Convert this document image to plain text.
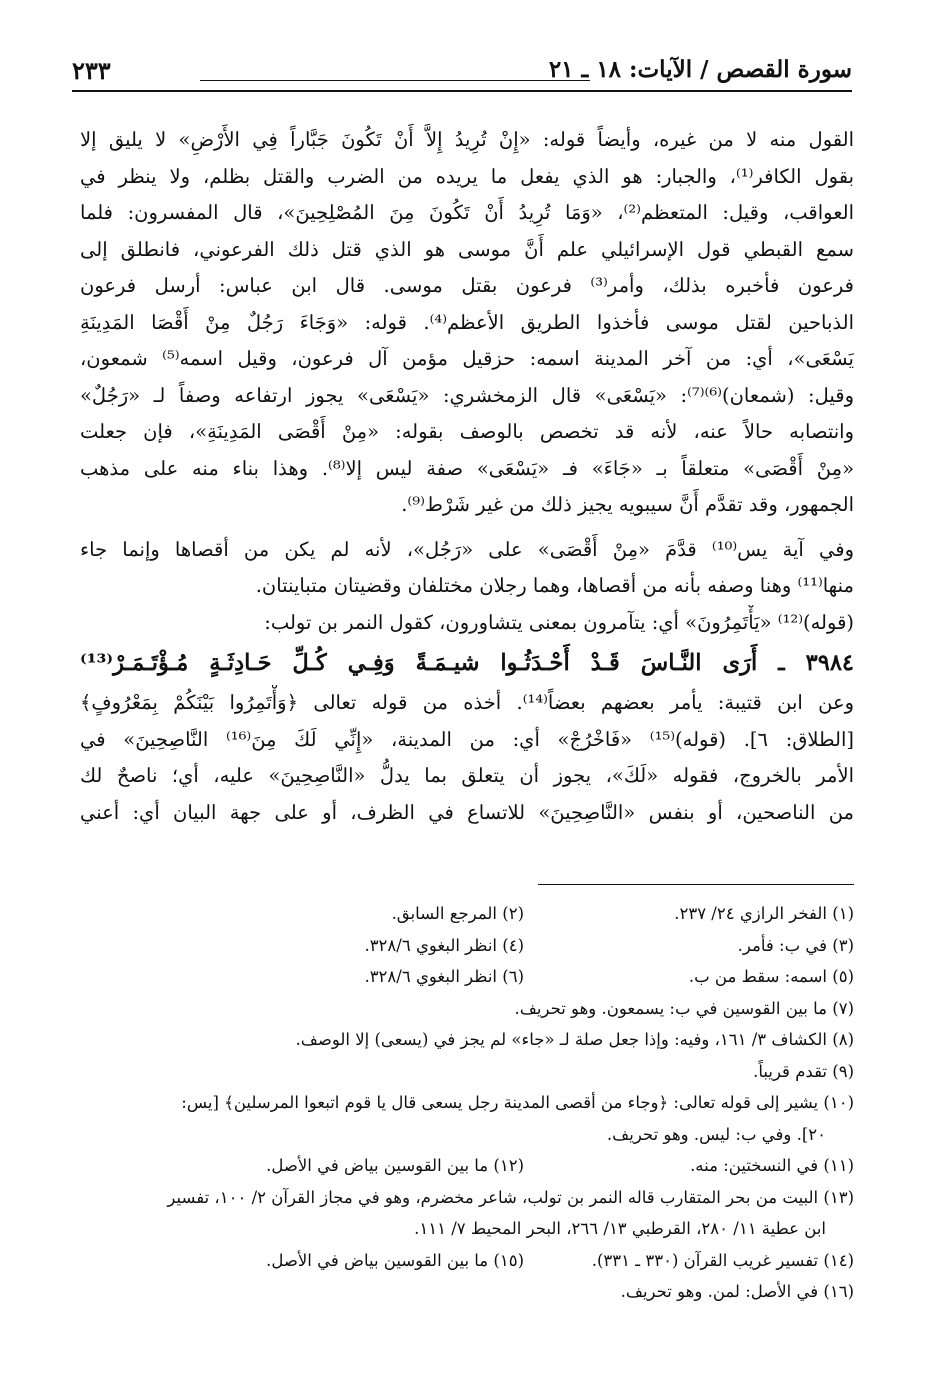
سورة القصص / الآيات: ١٨ ـ ٢١
٢٣٣
القول منه لا من غيره، وأيضاً قوله: «إِنْ تُرِيدُ إِلاَّ أَنْ تَكُونَ جَبَّاراً فِي الأَرْضِ» لا يليق إلا
بقول الكافر⁽¹⁾، والجبار: هو الذي يفعل ما يريده من الضرب والقتل بظلم، ولا ينظر في
العواقب، وقيل: المتعظم⁽²⁾، «وَمَا تُرِيدُ أَنْ تَكُونَ مِنَ المُصْلِحِينَ»، قال المفسرون: فلما
سمع القبطي قول الإسرائيلي علم أَنَّ موسى هو الذي قتل ذلك الفرعوني، فانطلق إلى
فرعون فأخبره بذلك، وأمر⁽³⁾ فرعون بقتل موسى. قال ابن عباس: أرسل فرعون
الذباحين لقتل موسى فأخذوا الطريق الأعظم⁽⁴⁾. قوله: «وَجَاءَ رَجُلٌ مِنْ أَقْصَا المَدِينَةِ
يَسْعَى»، أي: من آخر المدينة اسمه: حزقيل مؤمن آل فرعون، وقيل اسمه⁽⁵⁾ شمعون،
وقيل: (شمعان)⁽⁶⁾⁽⁷⁾: «يَسْعَى» قال الزمخشري: «يَسْعَى» يجوز ارتفاعه وصفاً لـ «رَجُلٌ»
وانتصابه حالاً عنه، لأنه قد تخصص بالوصف بقوله: «مِنْ أَقْصَى المَدِينَةِ»، فإن جعلت
«مِنْ أَقْصَى» متعلقاً بـ «جَاءَ» فـ «يَسْعَى» صفة ليس إلا⁽⁸⁾. وهذا بناء منه على مذهب
الجمهور، وقد تقدَّم أَنَّ سيبويه يجيز ذلك من غير شَرْط⁽⁹⁾.
وفي آية يس⁽¹⁰⁾ قدَّمَ «مِنْ أَقْصَى» على «رَجُل»، لأنه لم يكن من أقصاها وإنما جاء
منها⁽¹¹⁾ وهنا وصفه بأنه من أقصاها، وهما رجلان مختلفان وقضيتان متباينتان.
(قوله)⁽¹²⁾ «يَأْتَمِرُونَ» أي: يتآمرون بمعنى يتشاورون، كقول النمر بن تولب:
٣٩٨٤ ـ أَرَى النَّـاسَ قَـدْ أَحْـدَثُـوا شيـمَـةً وَفِـي كُـلِّ حَـادِثَـةٍ مُـؤْتَـمَـرْ⁽¹³⁾
وعن ابن قتيبة: يأمر بعضهم بعضاً⁽¹⁴⁾. أخذه من قوله تعالى ﴿وَأْتَمِرُوا بَيْنَكُمْ بِمَعْرُوفٍ﴾
[الطلاق: ٦]. (قوله)⁽¹⁵⁾ «فَاخْرُجْ» أي: من المدينة، «إِنِّي لَكَ مِنَ⁽¹⁶⁾ النَّاصِحِينَ» في
الأمر بالخروج، فقوله «لَكَ»، يجوز أن يتعلق بما يدلُّ «النَّاصِحِينَ» عليه، أي؛ ناصحٌ لك
من الناصحين، أو بنفس «النَّاصِحِينَ» للاتساع في الظرف، أو على جهة البيان أي: أعني
(١) الفخر الرازي ٢٤/ ٢٣٧.
(٢) المرجع السابق.
(٣) في ب: فأمر.
(٤) انظر البغوي ٣٢٨/٦.
(٥) اسمه: سقط من ب.
(٦) انظر البغوي ٣٢٨/٦.
(٧) ما بين القوسين في ب: يسمعون. وهو تحريف.
(٨) الكشاف ٣/ ١٦١، وفيه: وإذا جعل صلة لـ «جاء» لم يجز في (يسعى) إلا الوصف.
(٩) تقدم قريباً.
(١٠) يشير إلى قوله تعالى: ﴿وجاء من أقصى المدينة رجل يسعى قال يا قوم اتبعوا المرسلين﴾ [يس:
٢٠]. وفي ب: ليس. وهو تحريف.
(١١) في النسختين: منه.
(١٢) ما بين القوسين بياض في الأصل.
(١٣) البيت من بحر المتقارب قاله النمر بن تولب، شاعر مخضرم، وهو في مجاز القرآن ٢/ ١٠٠، تفسير
ابن عطية ١١/ ٢٨٠، القرطبي ١٣/ ٢٦٦، البحر المحيط ٧/ ١١١.
(١٤) تفسير غريب القرآن (٣٣٠ ـ ٣٣١).
(١٥) ما بين القوسين بياض في الأصل.
(١٦) في الأصل: لمن. وهو تحريف.
